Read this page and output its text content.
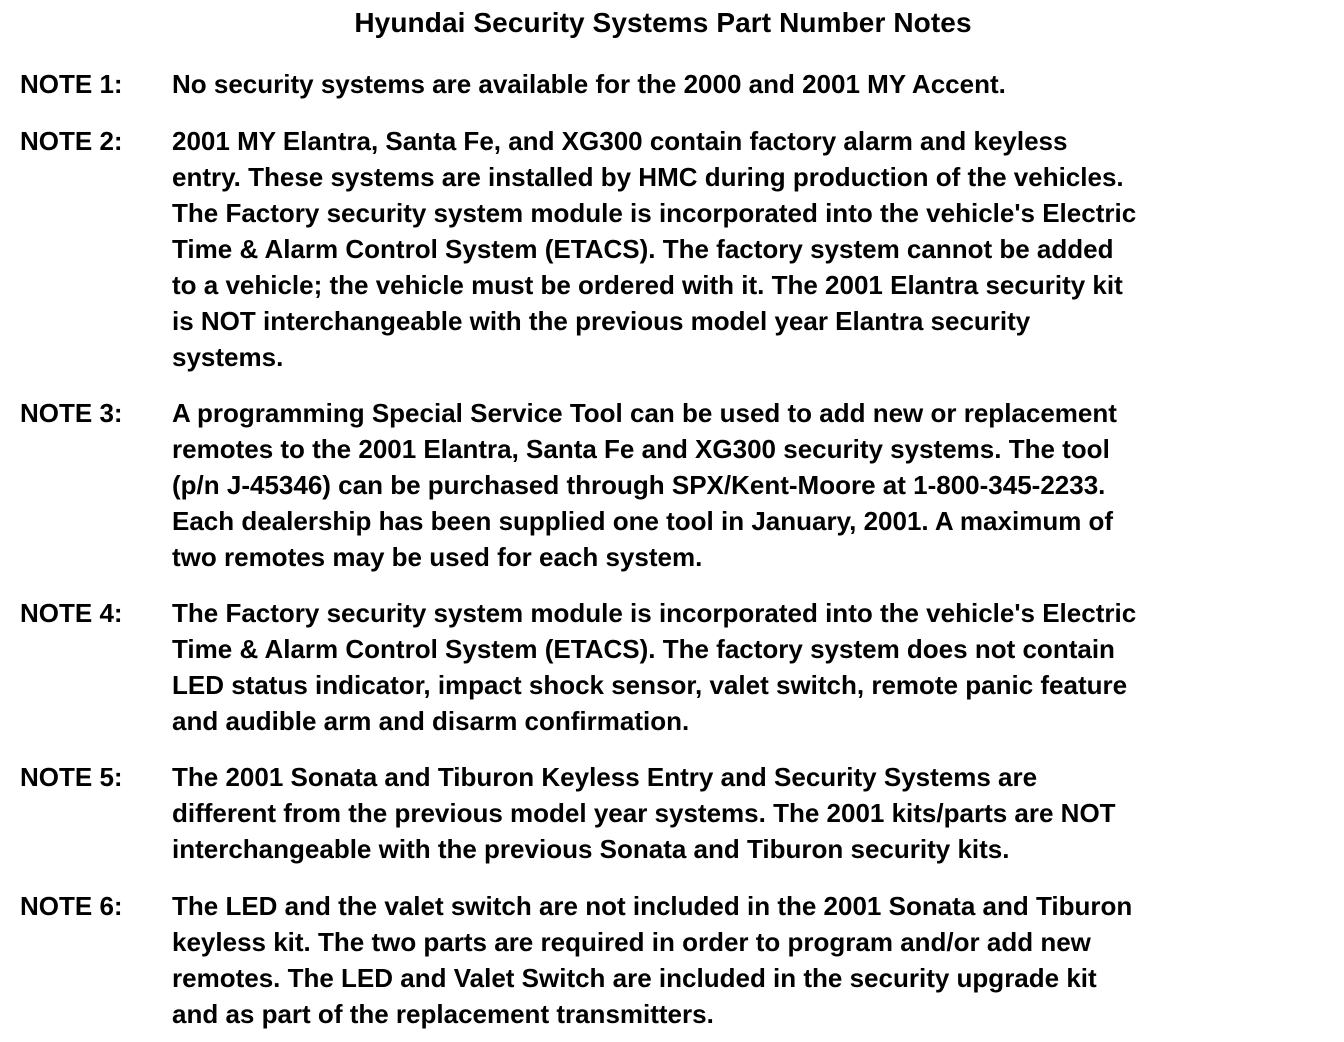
Hyundai Security Systems Part Number Notes
NOTE 1: No security systems are available for the 2000 and 2001 MY Accent.
NOTE 2: 2001 MY Elantra, Santa Fe, and XG300 contain factory alarm and keyless
entry. These systems are installed by HMC during production of the vehicles.
The Factory security system module is incorporated into the vehicle's Electric
Time & Alarm Control System (ETACS). The factory system cannot be added
to a vehicle; the vehicle must be ordered with it. The 2001 Elantra security kit
is NOT interchangeable with the previous model year Elantra security
systems.
NOTE 3: A programming Special Service Tool can be used to add new or replacement
remotes to the 2001 Elantra, Santa Fe and XG300 security systems. The tool
(p/n J-45346) can be purchased through SPX/Kent-Moore at 1-800-345-2233.
Each dealership has been supplied one tool in January, 2001. A maximum of
two remotes may be used for each system.
NOTE 4: The Factory security system module is incorporated into the vehicle's Electric
Time & Alarm Control System (ETACS). The factory system does not contain
LED status indicator, impact shock sensor, valet switch, remote panic feature
and audible arm and disarm confirmation.
NOTE 5: The 2001 Sonata and Tiburon Keyless Entry and Security Systems are
different from the previous model year systems. The 2001 kits/parts are NOT
interchangeable with the previous Sonata and Tiburon security kits.
NOTE 6: The LED and the valet switch are not included in the 2001 Sonata and Tiburon
keyless kit. The two parts are required in order to program and/or add new
remotes. The LED and Valet Switch are included in the security upgrade kit
and as part of the replacement transmitters.
